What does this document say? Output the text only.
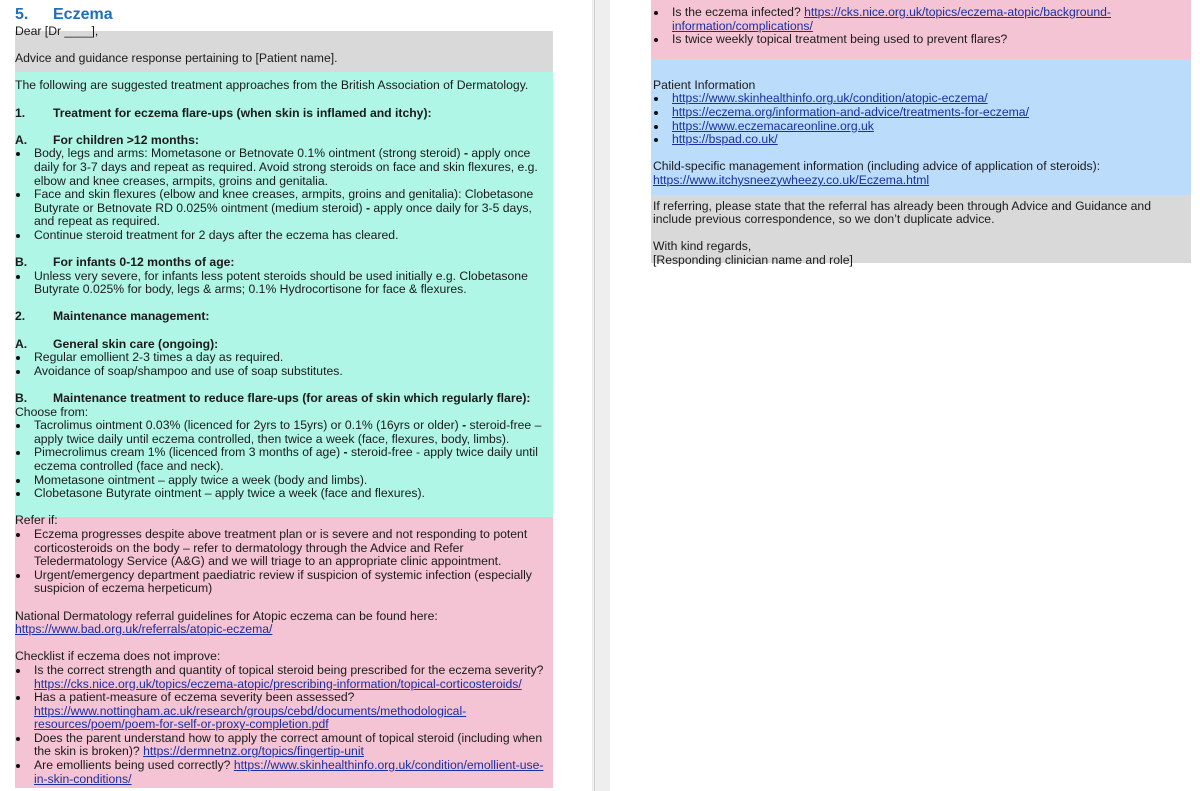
5. Eczema

Dear [Dr ____],

Advice and guidance response pertaining to [Patient name].

The following are suggested treatment approaches from the British Association of Dermatology.

1.	Treatment for eczema flare-ups (when skin is inflamed and itchy):
A.	For children >12 months:
Body, legs and arms: Mometasone or Betnovate 0.1% ointment (strong steroid) - apply once daily for 3-7 days and repeat as required. Avoid strong steroids on face and skin flexures, e.g. elbow and knee creases, armpits, groins and genitalia.
Face and skin flexures (elbow and knee creases, armpits, groins and genitalia): Clobetasone Butyrate or Betnovate RD 0.025% ointment (medium steroid) - apply once daily for 3-5 days, and repeat as required.
Continue steroid treatment for 2 days after the eczema has cleared.
B.	For infants 0-12 months of age:
Unless very severe, for infants less potent steroids should be used initially e.g. Clobetasone Butyrate 0.025% for body, legs & arms; 0.1% Hydrocortisone for face & flexures.
2.	Maintenance management:
A.	General skin care (ongoing):
Regular emollient 2-3 times a day as required.
Avoidance of soap/shampoo and use of soap substitutes.
B.	Maintenance treatment to reduce flare-ups (for areas of skin which regularly flare):

Choose from:

Tacrolimus ointment 0.03% (licenced for 2yrs to 15yrs) or 0.1% (16yrs or older) - steroid-free – apply twice daily until eczema controlled, then twice a week (face, flexures, body, limbs).
Pimecrolimus cream 1% (licenced from 3 months of age) - steroid-free - apply twice daily until eczema controlled (face and neck).
Mometasone ointment – apply twice a week (body and limbs).
Clobetasone Butyrate ointment – apply twice a week (face and flexures).

Refer if:

Eczema progresses despite above treatment plan or is severe and not responding to potent corticosteroids on the body – refer to dermatology through the Advice and Refer Teledermatology Service (A&G) and we will triage to an appropriate clinic appointment.
Urgent/emergency department paediatric review if suspicion of systemic infection (especially suspicion of eczema herpeticum)

National Dermatology referral guidelines for Atopic eczema can be found here:

https://www.bad.org.uk/referrals/atopic-eczema/

Checklist if eczema does not improve:

Is the correct strength and quantity of topical steroid being prescribed for the eczema severity? https://cks.nice.org.uk/topics/eczema-atopic/prescribing-information/topical-corticosteroids/
Has a patient-measure of eczema severity been assessed? https://www.nottingham.ac.uk/research/groups/cebd/documents/methodological-resources/poem/poem-for-self-or-proxy-completion.pdf
Does the parent understand how to apply the correct amount of topical steroid (including when the skin is broken)? https://dermnetnz.org/topics/fingertip-unit
Are emollients being used correctly? https://www.skinhealthinfo.org.uk/condition/emollient-use-in-skin-conditions/
Is the eczema infected? https://cks.nice.org.uk/topics/eczema-atopic/background-information/complications/
Is twice weekly topical treatment being used to prevent flares?

Patient Information

https://www.skinhealthinfo.org.uk/condition/atopic-eczema/
https://eczema.org/information-and-advice/treatments-for-eczema/
https://www.eczemacareonline.org.uk
https://bspad.co.uk/

Child-specific management information (including advice of application of steroids):

https://www.itchysneezywheezy.co.uk/Eczema.html

If referring, please state that the referral has already been through Advice and Guidance and include previous correspondence, so we don’t duplicate advice.

With kind regards,

[Responding clinician name and role]
